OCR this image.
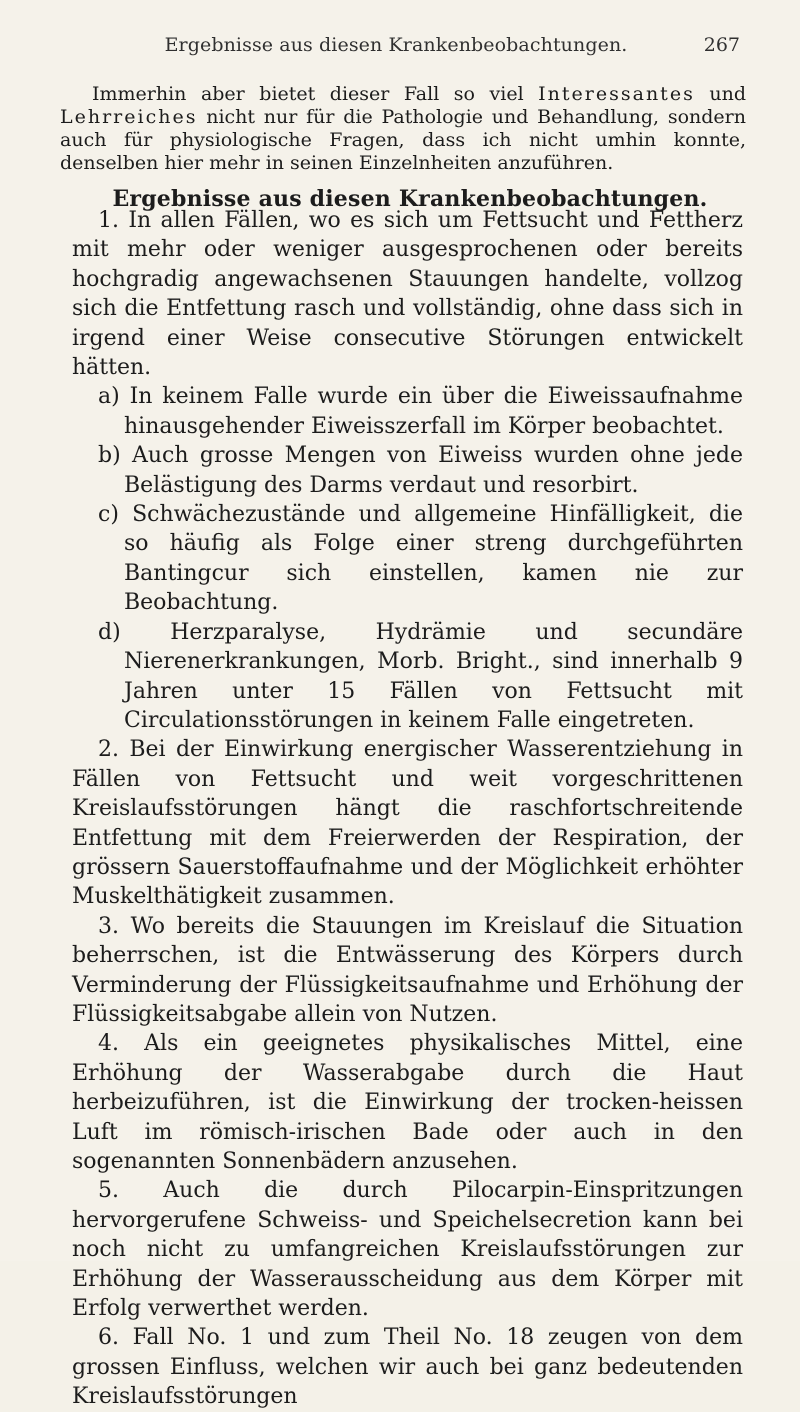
Ergebnisse aus diesen Krankenbeobachtungen.	267

Immerhin aber bietet dieser Fall so viel Interessantes und Lehrreiches nicht nur für die Pathologie und Behandlung, sondern auch für physiologische Fragen, dass ich nicht umhin konnte, denselben hier mehr in seinen Einzelnheiten anzuführen.

Ergebnisse aus diesen Krankenbeobachtungen.

1. In allen Fällen, wo es sich um Fettsucht und Fettherz mit mehr oder weniger ausgesprochenen oder bereits hochgradig angewachsenen Stauungen handelte, vollzog sich die Entfettung rasch und vollständig, ohne dass sich in irgend einer Weise consecutive Störungen entwickelt hätten.

a) In keinem Falle wurde ein über die Eiweissaufnahme hinausgehender Eiweisszerfall im Körper beobachtet.

b) Auch grosse Mengen von Eiweiss wurden ohne jede Belästigung des Darms verdaut und resorbirt.

c) Schwächezustände und allgemeine Hinfälligkeit, die so häufig als Folge einer streng durchgeführten Bantingcur sich einstellen, kamen nie zur Beobachtung.

d) Herzparalyse, Hydrämie und secundäre Nierenerkrankungen, Morb. Bright., sind innerhalb 9 Jahren unter 15 Fällen von Fettsucht mit Circulationsstörungen in keinem Falle eingetreten.

2. Bei der Einwirkung energischer Wasserentziehung in Fällen von Fettsucht und weit vorgeschrittenen Kreislaufsstörungen hängt die raschfortschreitende Entfettung mit dem Freierwerden der Respiration, der grössern Sauerstoffaufnahme und der Möglichkeit erhöhter Muskelthätigkeit zusammen.

3. Wo bereits die Stauungen im Kreislauf die Situation beherrschen, ist die Entwässerung des Körpers durch Verminderung der Flüssigkeitsaufnahme und Erhöhung der Flüssigkeitsabgabe allein von Nutzen.

4. Als ein geeignetes physikalisches Mittel, eine Erhöhung der Wasserabgabe durch die Haut herbeizuführen, ist die Einwirkung der trocken-heissen Luft im römisch-irischen Bade oder auch in den sogenannten Sonnenbädern anzusehen.

5. Auch die durch Pilocarpin-Einspritzungen hervorgerufene Schweiss- und Speichelsecretion kann bei noch nicht zu umfangreichen Kreislaufsstörungen zur Erhöhung der Wasserausscheidung aus dem Körper mit Erfolg verwerthet werden.

6. Fall No. 1 und zum Theil No. 18 zeugen von dem grossen Einfluss, welchen wir auch bei ganz bedeutenden Kreislaufsstörungen
